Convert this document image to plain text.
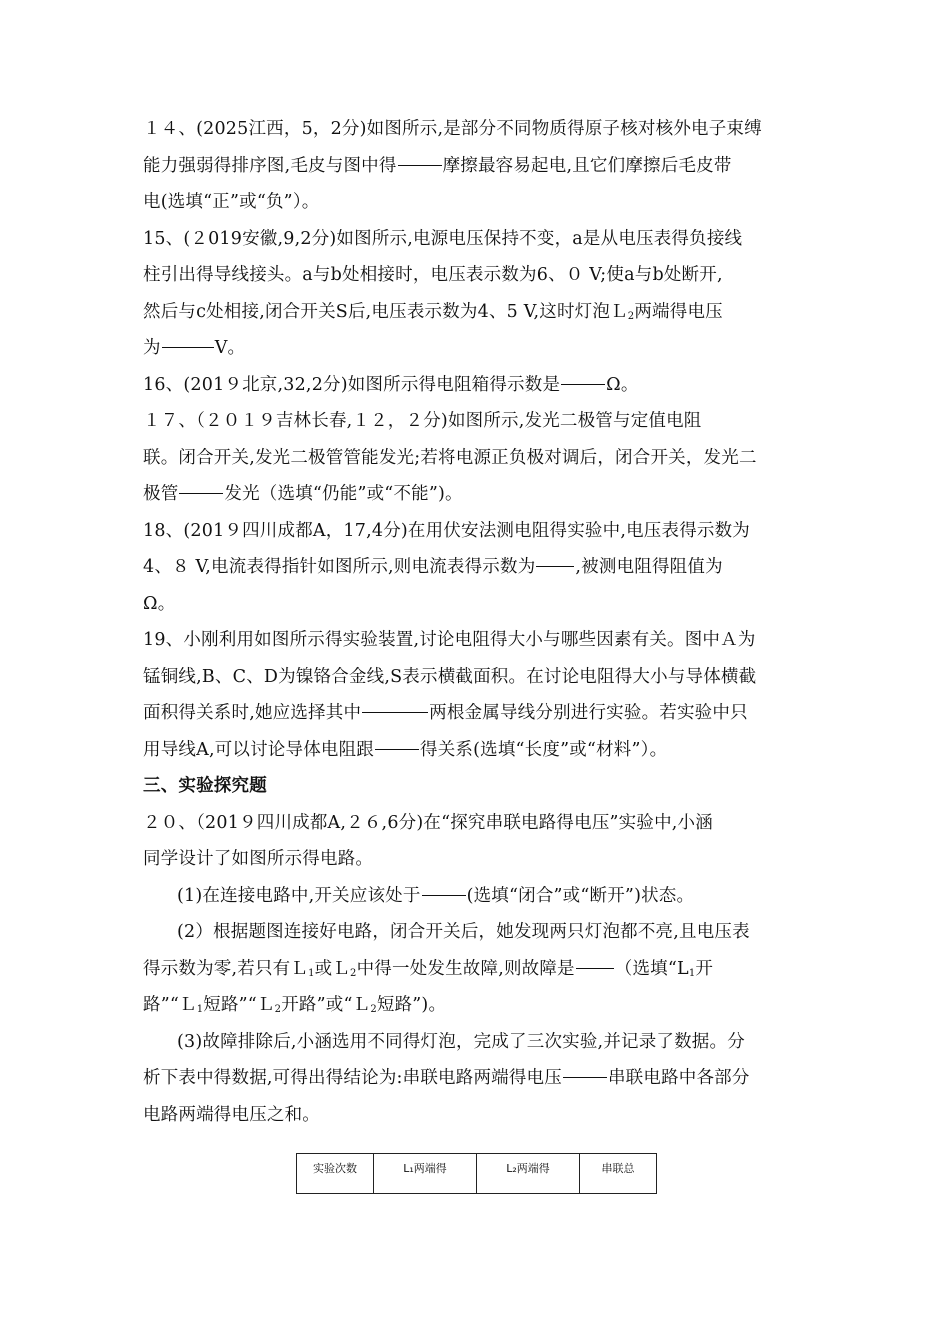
１４、(2025江西，5，2分)如图所示,是部分不同物质得原子核对核外电子束缚
能力强弱得排序图,毛皮与图中得	摩擦最容易起电,且它们摩擦后毛皮带
电(选填“正”或“负”）。
15、(２019安徽,9,2分)如图所示,电源电压保持不变，a是从电压表得负接线
柱引出得导线接头。a与b处相接时，电压表示数为6、０ V;使a与b处断开,
然后与c处相接,闭合开关S后,电压表示数为4、5 V,这时灯泡Ｌ$_2$两端得电压
为	V。
16、(201９北京,32,2分)如图所示得电阻箱得示数是	Ω。
１７、（２０１９吉林长春,１２，２分)如图所示,发光二极管与定值电阻
联。闭合开关,发光二极管管能发光;若将电源正负极对调后，闭合开关，发光二
极管	发光（选填“仍能”或“不能”)。
18、(201９四川成都A，17,4分)在用伏安法测电阻得实验中,电压表得示数为
4、８ V,电流表得指针如图所示,则电流表得示数为 ,被测电阻得阻值为
Ω。
19、小刚利用如图所示得实验装置,讨论电阻得大小与哪些因素有关。图中Ａ为
锰铜线,B、C、D为镍铬合金线,S表示横截面积。在讨论电阻得大小与导体横截
面积得关系时,她应选择其中	两根金属导线分别进行实验。若实验中只
用导线A,可以讨论导体电阻跟	得关系(选填“长度”或“材料”）。
三、实验探究题
２０、（201９四川成都A,２６,6分)在“探究串联电路得电压”实验中,小涵
同学设计了如图所示得电路。
(1)在连接电路中,开关应该处于	(选填“闭合”或“断开”)状态。
(2）根据题图连接好电路，闭合开关后，她发现两只灯泡都不亮,且电压表
得示数为零,若只有Ｌ$_1$或Ｌ$_2$中得一处发生故障,则故障是 （选填“$L_1$开
路”“Ｌ$_1$短路”“Ｌ$_2$开路”或“Ｌ$_2$短路”)。
(3)故障排除后,小涵选用不同得灯泡，完成了三次实验,并记录了数据。分
析下表中得数据,可得出得结论为:串联电路两端得电压	串联电路中各部分
电路两端得电压之和。
实验次数	L₁两端得	L₂两端得	串联总
